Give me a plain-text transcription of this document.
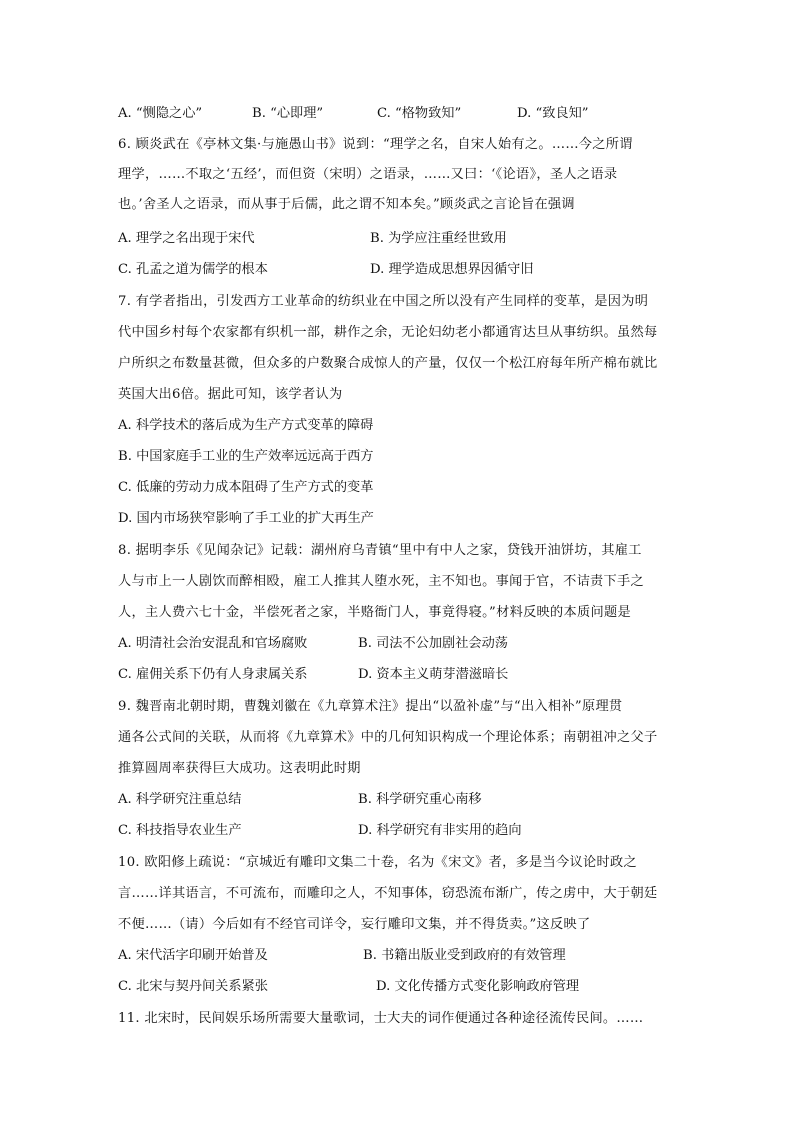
A. “恻隐之心”	B. “心即理”	C. “格物致知”	D. “致良知”
6. 顾炎武在《亭林文集·与施愚山书》说到：“理学之名，自宋人始有之。……今之所谓
理学，……不取之‘五经’，而但资（宋明）之语录，……又曰：‘《论语》，圣人之语录
也。’舍圣人之语录，而从事于后儒，此之谓不知本矣。”顾炎武之言论旨在强调
A. 理学之名出现于宋代	B. 为学应注重经世致用
C. 孔孟之道为儒学的根本	D. 理学造成思想界因循守旧
7. 有学者指出，引发西方工业革命的纺织业在中国之所以没有产生同样的变革，是因为明
代中国乡村每个农家都有织机一部，耕作之余，无论妇幼老小都通宵达旦从事纺织。虽然每
户所织之布数量甚微，但众多的户数聚合成惊人的产量，仅仅一个松江府每年所产棉布就比
英国大出6倍。据此可知，该学者认为
A. 科学技术的落后成为生产方式变革的障碍
B. 中国家庭手工业的生产效率远远高于西方
C. 低廉的劳动力成本阻碍了生产方式的变革
D. 国内市场狭窄影响了手工业的扩大再生产
8. 据明李乐《见闻杂记》记载：湖州府乌青镇“里中有中人之家，贷钱开油饼坊，其雇工
人与市上一人剧饮而醉相殴，雇工人推其人堕水死，主不知也。事闻于官，不诘责下手之
人，主人费六七十金，半偿死者之家，半赂衙门人，事竟得寝。”材料反映的本质问题是
A. 明清社会治安混乱和官场腐败	B. 司法不公加剧社会动荡
C. 雇佣关系下仍有人身隶属关系	D. 资本主义萌芽潜滋暗长
9. 魏晋南北朝时期，曹魏刘徽在《九章算术注》提出“以盈补虚”与“出入相补”原理贯
通各公式间的关联，从而将《九章算术》中的几何知识构成一个理论体系；南朝祖冲之父子
推算圆周率获得巨大成功。这表明此时期
A. 科学研究注重总结	B. 科学研究重心南移
C. 科技指导农业生产	D. 科学研究有非实用的趋向
10. 欧阳修上疏说：“京城近有雕印文集二十卷，名为《宋文》者，多是当今议论时政之
言……详其语言，不可流布，而雕印之人，不知事体，窃恐流布渐广，传之虏中，大于朝廷
不便……（请）今后如有不经官司详令，妄行雕印文集，并不得货卖。”这反映了
A. 宋代活字印刷开始普及	B. 书籍出版业受到政府的有效管理
C. 北宋与契丹间关系紧张	D. 文化传播方式变化影响政府管理
11. 北宋时，民间娱乐场所需要大量歌词，士大夫的词作便通过各种途径流传民间。……
